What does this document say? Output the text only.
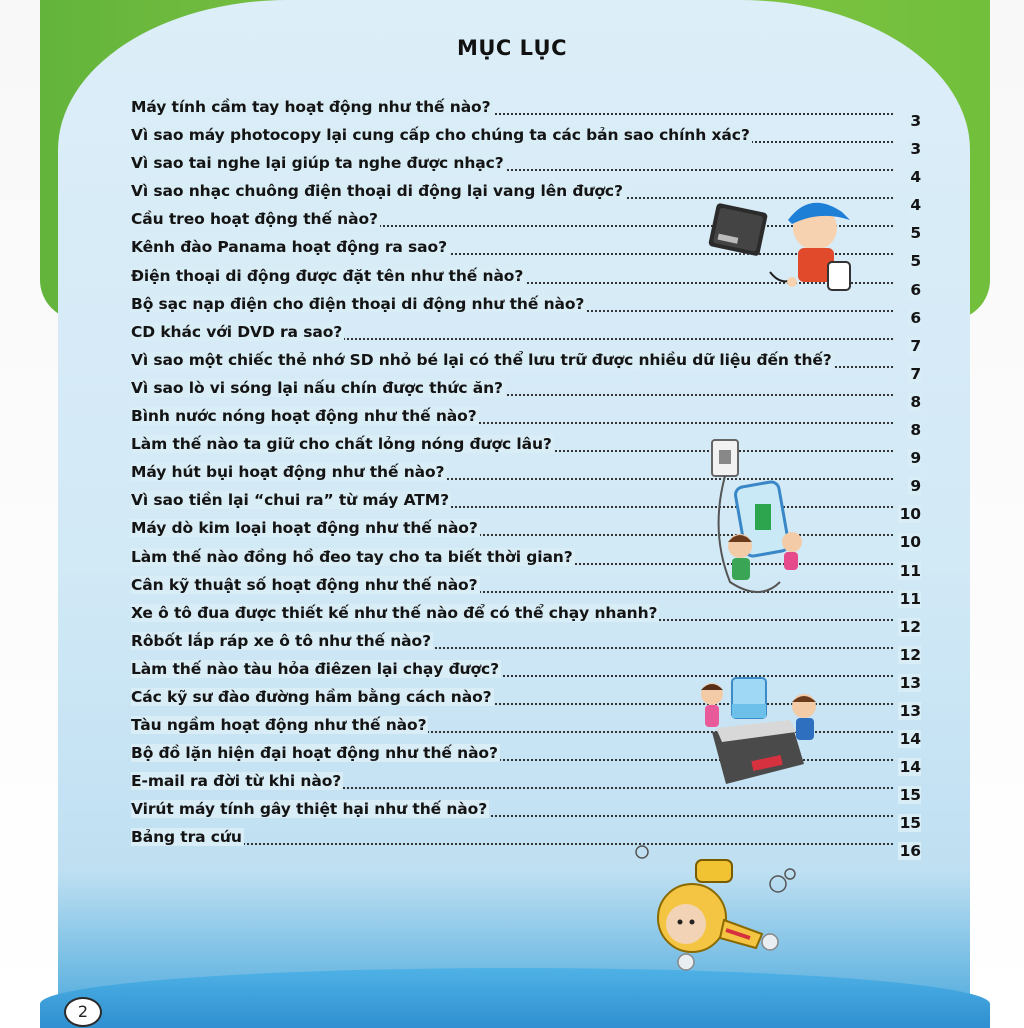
MỤC LỤC
Máy tính cầm tay hoạt động như thế nào?
3
Vì sao máy photocopy lại cung cấp cho chúng ta các bản sao chính xác?
3
Vì sao tai nghe lại giúp ta nghe được nhạc?
4
Vì sao nhạc chuông điện thoại di động lại vang lên được?
4
Cầu treo hoạt động thế nào?
5
Kênh đào Panama hoạt động ra sao?
5
Điện thoại di động được đặt tên như thế nào?
6
Bộ sạc nạp điện cho điện thoại di động như thế nào?
6
CD khác với DVD ra sao?
7
Vì sao một chiếc thẻ nhớ SD nhỏ bé lại có thể lưu trữ được nhiều dữ liệu đến thế?
7
Vì sao lò vi sóng lại nấu chín được thức ăn?
8
Bình nước nóng hoạt động như thế nào?
8
Làm thế nào ta giữ cho chất lỏng nóng được lâu?
9
Máy hút bụi hoạt động như thế nào?
9
Vì sao tiền lại “chui ra” từ máy ATM?
10
Máy dò kim loại hoạt động như thế nào?
10
Làm thế nào đồng hồ đeo tay cho ta biết thời gian?
11
Cân kỹ thuật số hoạt động như thế nào?
11
Xe ô tô đua được thiết kế như thế nào để có thể chạy nhanh?
12
Rôbốt lắp ráp xe ô tô như thế nào?
12
Làm thế nào tàu hỏa điêzen lại chạy được?
13
Các kỹ sư đào đường hầm bằng cách nào?
13
Tàu ngầm hoạt động như thế nào?
14
Bộ đồ lặn hiện đại hoạt động như thế nào?
14
E-mail ra đời từ khi nào?
15
Virút máy tính gây thiệt hại như thế nào?
15
Bảng tra cứu
16
2
